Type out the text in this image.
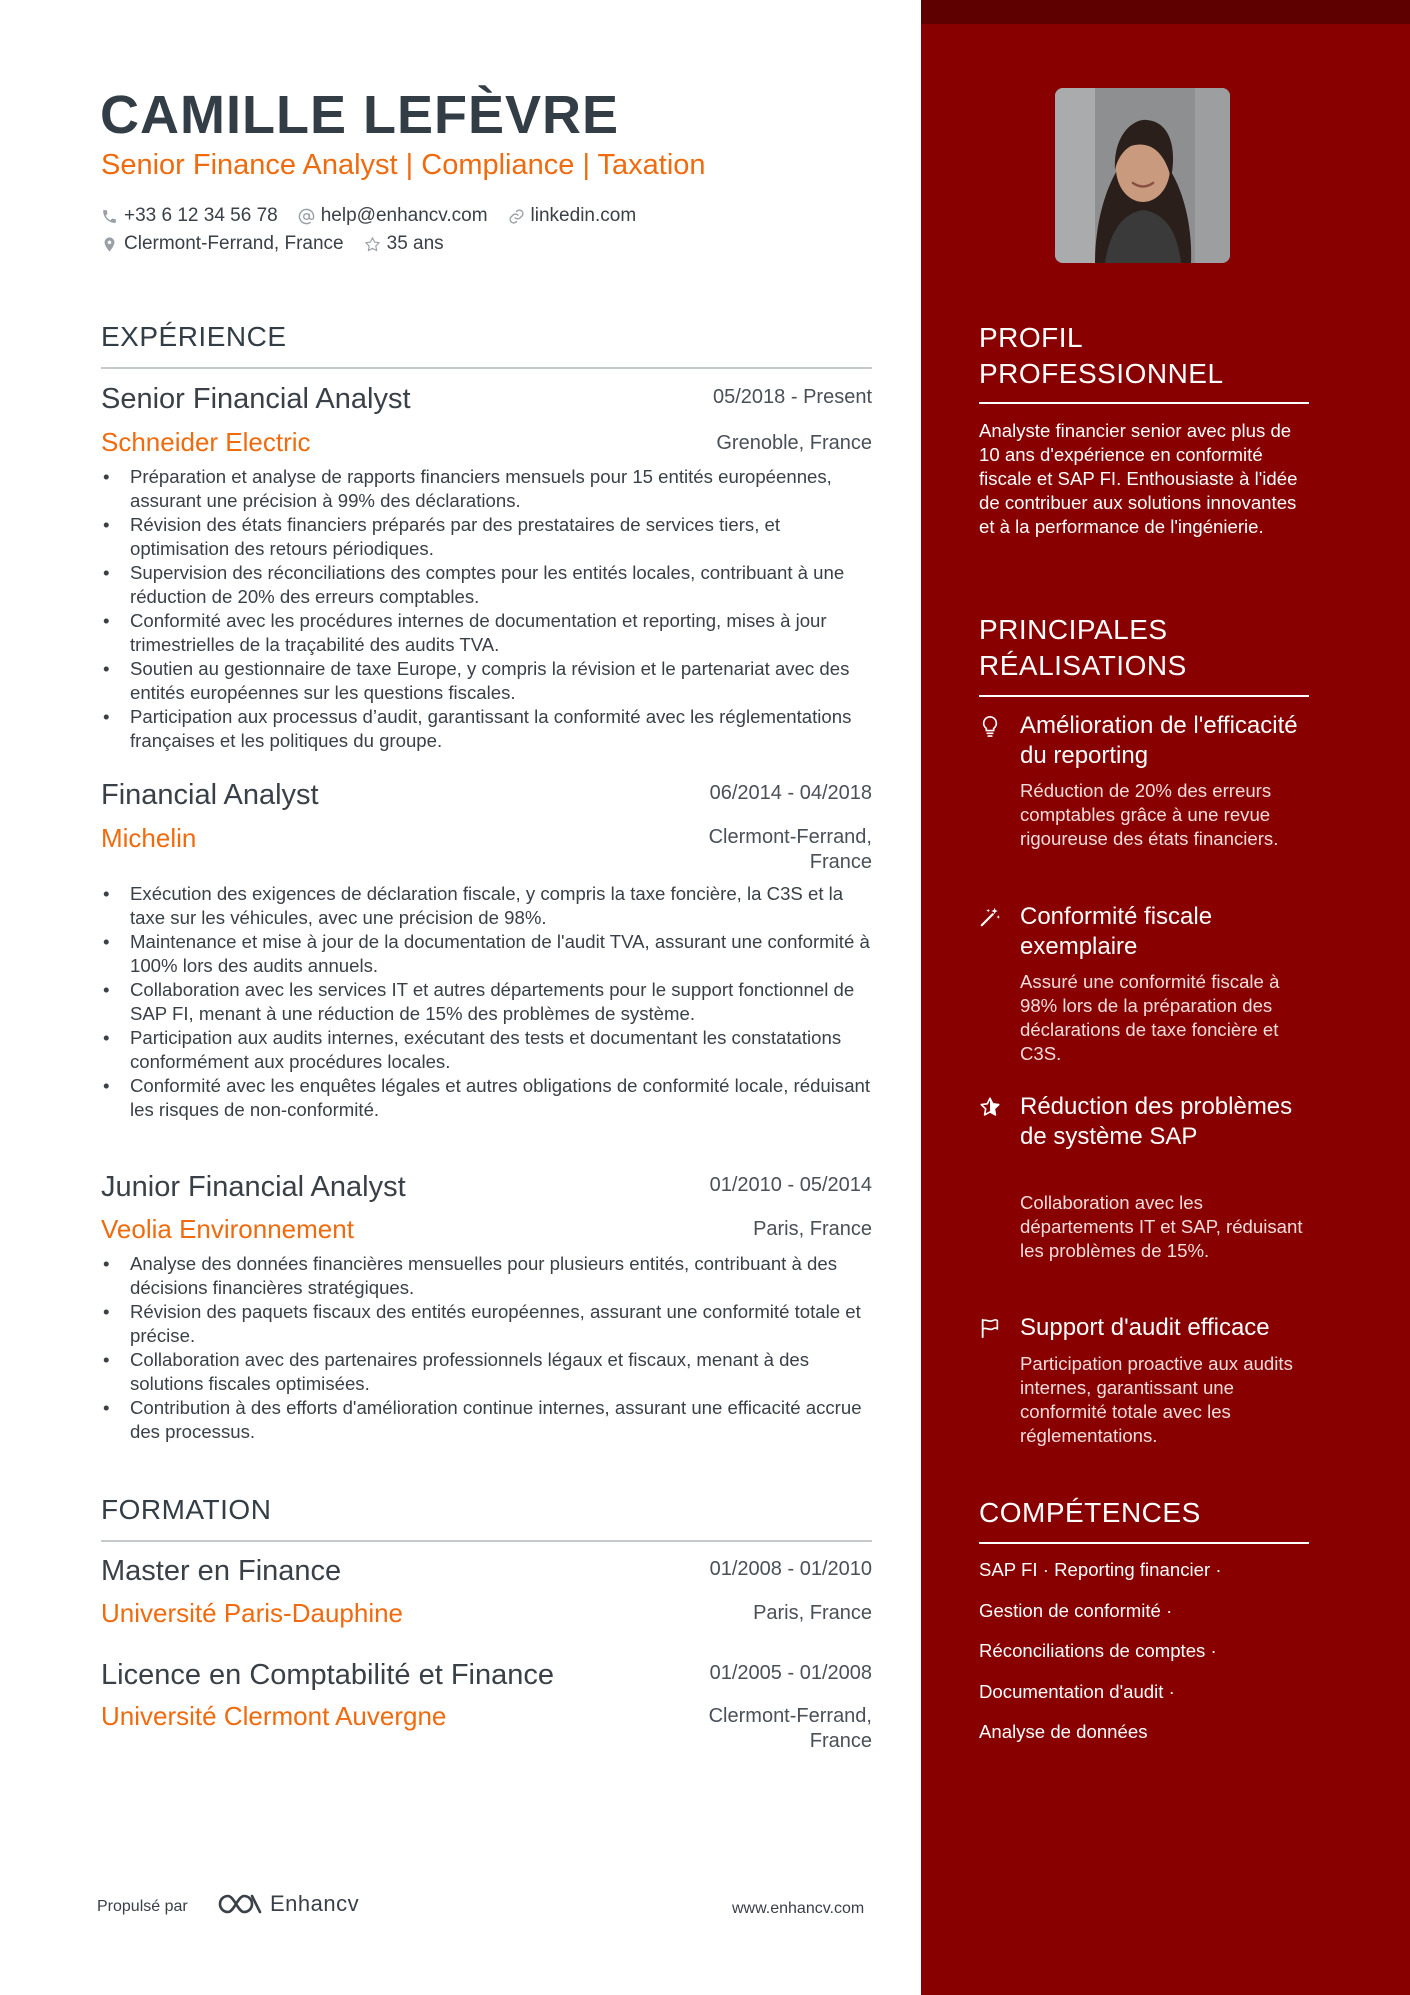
CAMILLE LEFÈVRE
Senior Finance Analyst | Compliance | Taxation
+33 6 12 34 56 78 help@enhancv.com linkedin.com
Clermont-Ferrand, France 35 ans
EXPÉRIENCE
Senior Financial Analyst	05/2018 - Present
Schneider Electric	Grenoble, France
• Préparation et analyse de rapports financiers mensuels pour 15 entités européennes, assurant une précision à 99% des déclarations.
• Révision des états financiers préparés par des prestataires de services tiers, et optimisation des retours périodiques.
• Supervision des réconciliations des comptes pour les entités locales, contribuant à une réduction de 20% des erreurs comptables.
• Conformité avec les procédures internes de documentation et reporting, mises à jour trimestrielles de la traçabilité des audits TVA.
• Soutien au gestionnaire de taxe Europe, y compris la révision et le partenariat avec des entités européennes sur les questions fiscales.
• Participation aux processus d’audit, garantissant la conformité avec les réglementations françaises et les politiques du groupe.
Financial Analyst	06/2014 - 04/2018
Michelin	Clermont-Ferrand,
France
• Exécution des exigences de déclaration fiscale, y compris la taxe foncière, la C3S et la taxe sur les véhicules, avec une précision de 98%.
• Maintenance et mise à jour de la documentation de l'audit TVA, assurant une conformité à 100% lors des audits annuels.
• Collaboration avec les services IT et autres départements pour le support fonctionnel de SAP FI, menant à une réduction de 15% des problèmes de système.
• Participation aux audits internes, exécutant des tests et documentant les constatations conformément aux procédures locales.
• Conformité avec les enquêtes légales et autres obligations de conformité locale, réduisant les risques de non-conformité.
Junior Financial Analyst	01/2010 - 05/2014
Veolia Environnement	Paris, France
• Analyse des données financières mensuelles pour plusieurs entités, contribuant à des décisions financières stratégiques.
• Révision des paquets fiscaux des entités européennes, assurant une conformité totale et précise.
• Collaboration avec des partenaires professionnels légaux et fiscaux, menant à des solutions fiscales optimisées.
• Contribution à des efforts d'amélioration continue internes, assurant une efficacité accrue des processus.
FORMATION
Master en Finance	01/2008 - 01/2010
Université Paris-Dauphine	Paris, France
Licence en Comptabilité et Finance	01/2005 - 01/2008
Université Clermont Auvergne	Clermont-Ferrand,
France
Propulsé par	Enhancv	www.enhancv.com
PROFIL
PROFESSIONNEL
Analyste financier senior avec plus de 10 ans d'expérience en conformité fiscale et SAP FI. Enthousiaste à l'idée de contribuer aux solutions innovantes et à la performance de l'ingénierie.
PRINCIPALES
RÉALISATIONS
Amélioration de l'efficacité du reporting
Réduction de 20% des erreurs comptables grâce à une revue rigoureuse des états financiers.
Conformité fiscale exemplaire
Assuré une conformité fiscale à 98% lors de la préparation des déclarations de taxe foncière et C3S.
Réduction des problèmes de système SAP
Collaboration avec les départements IT et SAP, réduisant les problèmes de 15%.
Support d'audit efficace
Participation proactive aux audits internes, garantissant une conformité totale avec les réglementations.
COMPÉTENCES
SAP FI · Reporting financier ·
Gestion de conformité ·
Réconciliations de comptes ·
Documentation d'audit ·
Analyse de données
